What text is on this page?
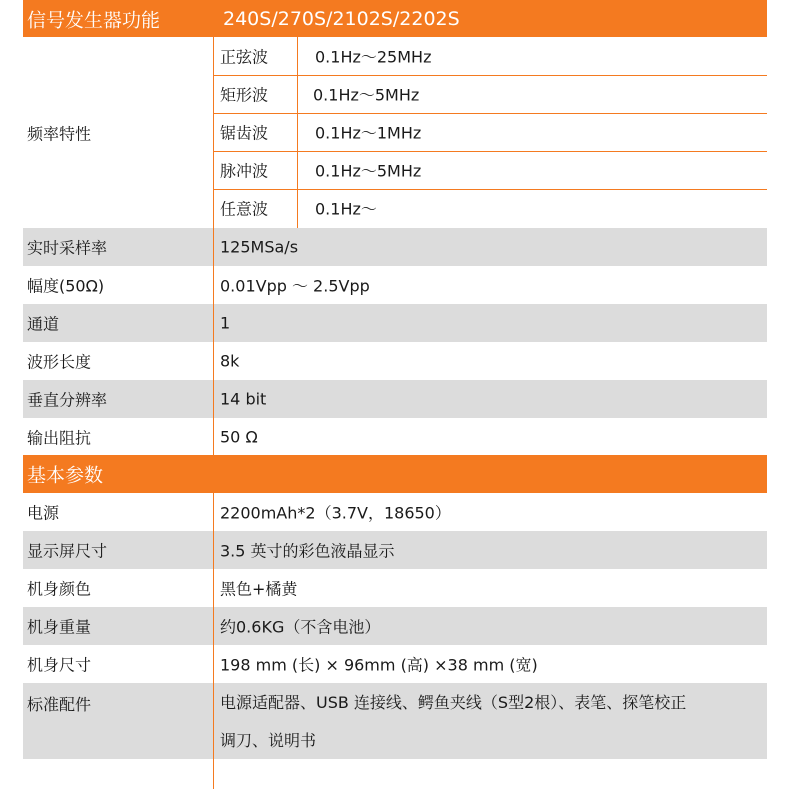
信号发生器功能	240S/270S/2102S/2202S
频率特性
正弦波	0.1Hz～25MHz
矩形波	0.1Hz～5MHz
锯齿波	0.1Hz～1MHz
脉冲波	0.1Hz～5MHz
任意波	0.1Hz～
实时采样率	125MSa/s
幅度(50Ω)	0.01Vpp ～ 2.5Vpp
通道	1
波形长度	8k
垂直分辨率	14 bit
输出阻抗	50 Ω
基本参数
电源	2200mAh*2（3.7V，18650）
显示屏尺寸	3.5 英寸的彩色液晶显示
机身颜色	黑色+橘黄
机身重量	约0.6KG（不含电池）
机身尺寸	198 mm (长) × 96mm (高) ×38 mm (宽)
标准配件	电源适配器、USB 连接线、鳄鱼夹线（S型2根）、表笔、探笔校正
调刀、说明书
